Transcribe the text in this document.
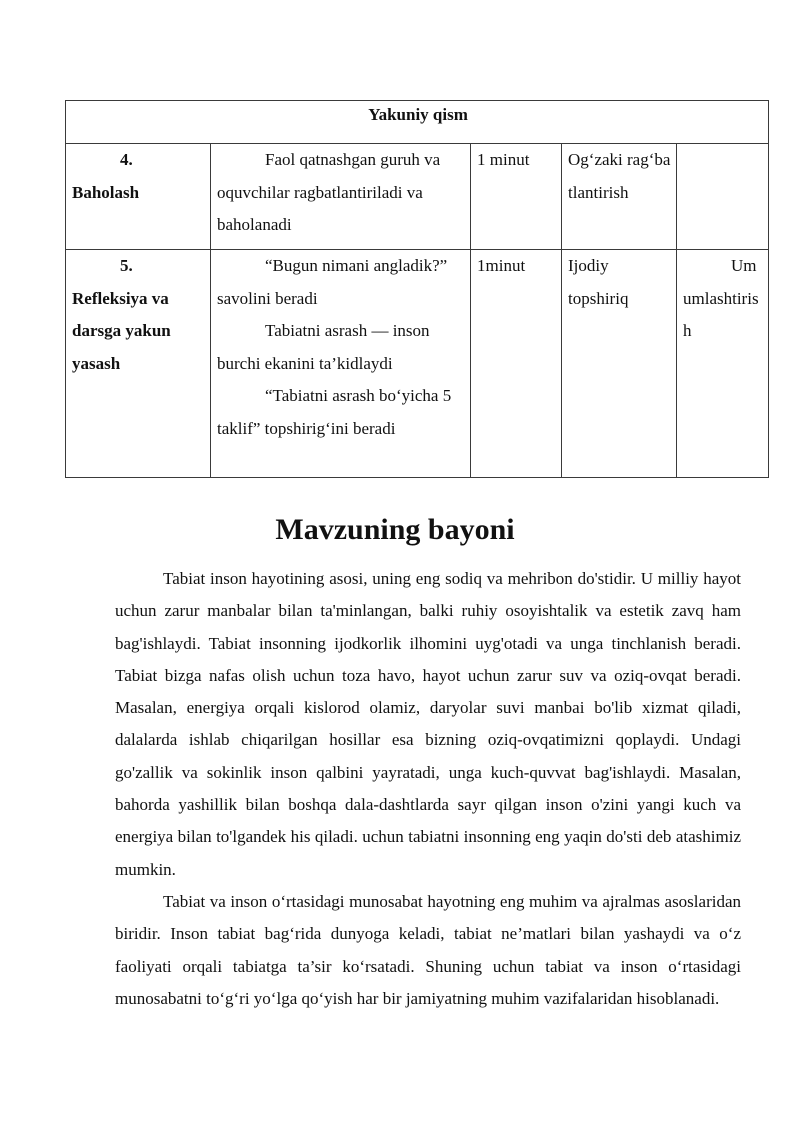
Yakuniy qism				

4.
Baholash	Faol qatnashgan guruh va oquvchilar ragbatlantiriladi va baholanadi	1 minut	Og‘zaki rag‘batlantirish	

5.
Refleksiya va darsga yakun yasash	“Bugun nimani angladik?” savolini beradi
Tabiatni asrash — inson burchi ekanini ta’kidlaydi
“Tabiatni asrash bo‘yicha 5 taklif” topshirig‘ini beradi	1minut	Ijodiy topshiriq	Umumlashtirish
Mavzuning bayoni

Tabiat inson hayotining asosi, uning eng sodiq va mehribon do'stidir. U milliy hayot uchun zarur manbalar bilan ta'minlangan, balki ruhiy osoyishtalik va estetik zavq ham bag'ishlaydi. Tabiat insonning ijodkorlik ilhomini uyg'otadi va unga tinchlanish beradi. Tabiat bizga nafas olish uchun toza havo, hayot uchun zarur suv va oziq-ovqat beradi. Masalan, energiya orqali kislorod olamiz, daryolar suvi manbai bo'lib xizmat qiladi, dalalarda ishlab chiqarilgan hosillar esa bizning oziq-ovqatimizni qoplaydi. Undagi go'zallik va sokinlik inson qalbini yayratadi, unga kuch-quvvat bag'ishlaydi. Masalan, bahorda yashillik bilan boshqa dala-dashtlarda sayr qilgan inson o'zini yangi kuch va energiya bilan to'lgandek his qiladi. uchun tabiatni insonning eng yaqin do'sti deb atashimiz mumkin.

Tabiat va inson o‘rtasidagi munosabat hayotning eng muhim va ajralmas asoslaridan biridir. Inson tabiat bag‘rida dunyoga keladi, tabiat ne’matlari bilan yashaydi va o‘z faoliyati orqali tabiatga ta’sir ko‘rsatadi. Shuning uchun tabiat va inson o‘rtasidagi munosabatni to‘g‘ri yo‘lga qo‘yish har bir jamiyatning muhim vazifalaridan hisoblanadi.
